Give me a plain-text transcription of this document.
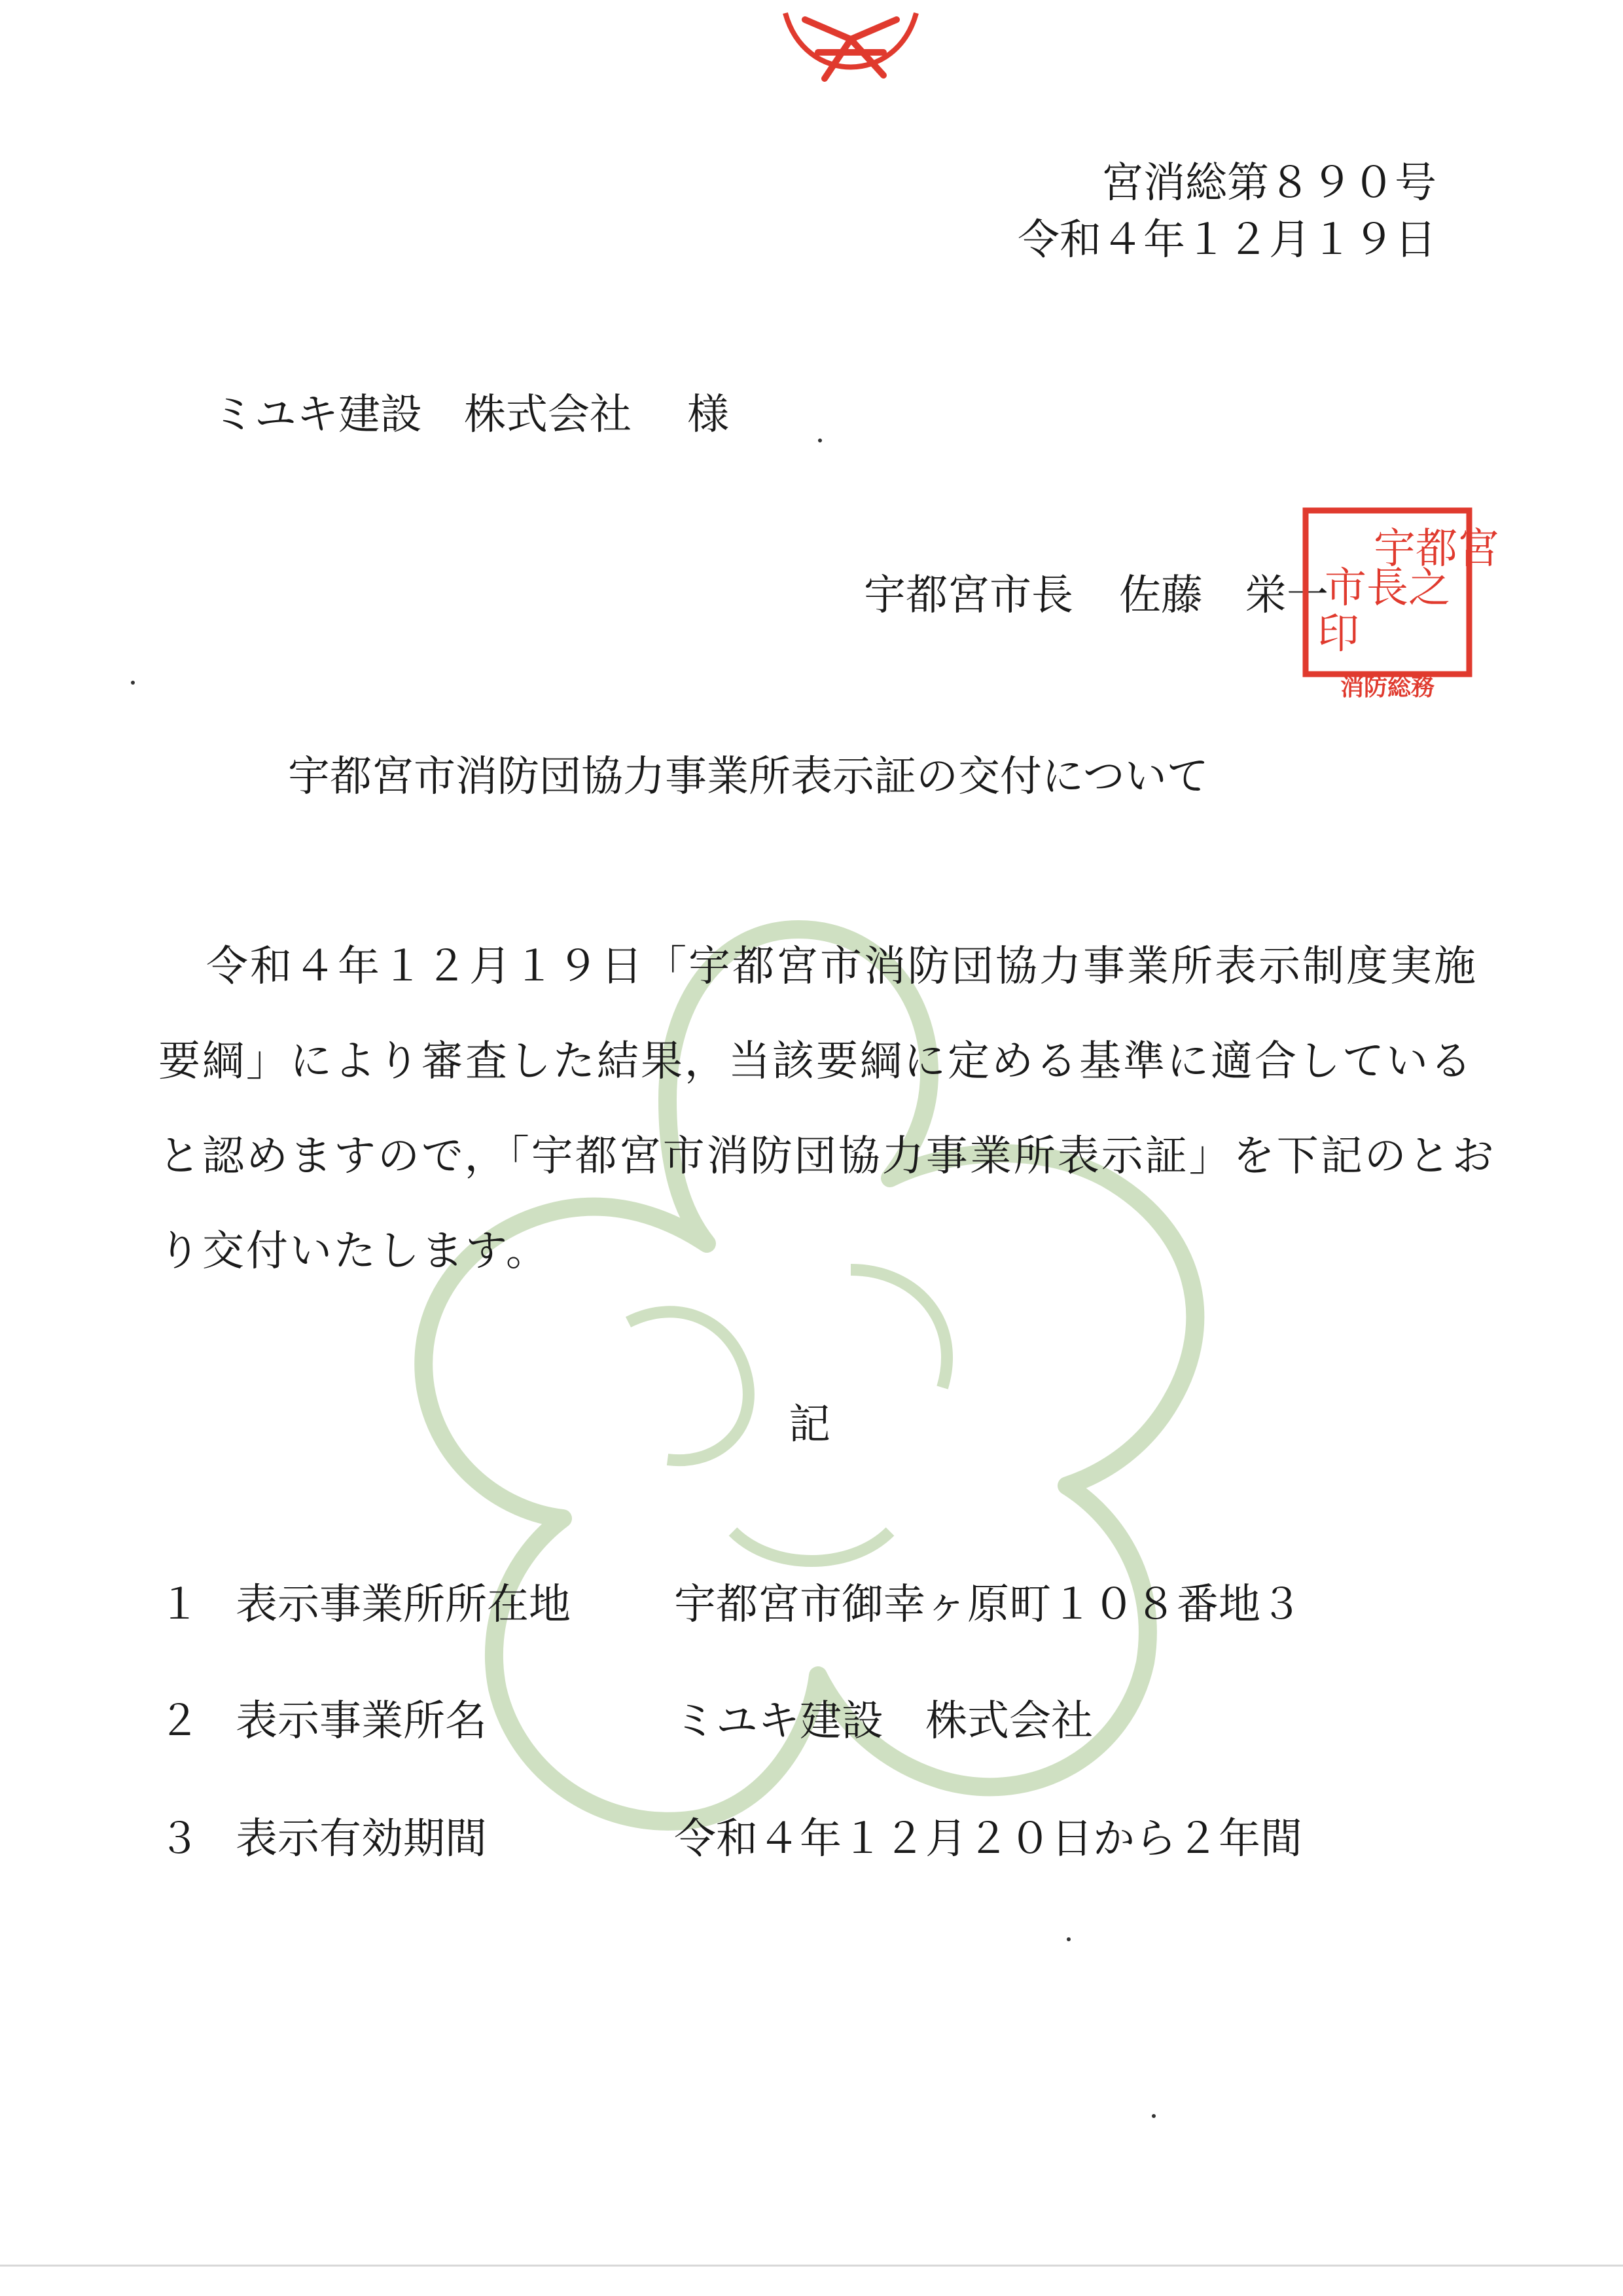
宮消総第８９０号

令和４年１２月１９日

ミユキ建設　株式会社 様

宇都宮市長 佐藤　栄一

宇都宮
市長之
印
消防総務

宇都宮市消防団協力事業所表示証の交付について

令和４年１２月１９日「宇都宮市消防団協力事業所表示制度実施

要綱」により審査した結果，当該要綱に定める基準に適合している

と認めますので，「宇都宮市消防団協力事業所表示証」を下記のとお

り交付いたします。

記

１ 表示事業所所在地 宇都宮市御幸ヶ原町１０８番地３

２ 表示事業所名	ミユキ建設　株式会社

３ 表示有効期間	令和４年１２月２０日から２年間
